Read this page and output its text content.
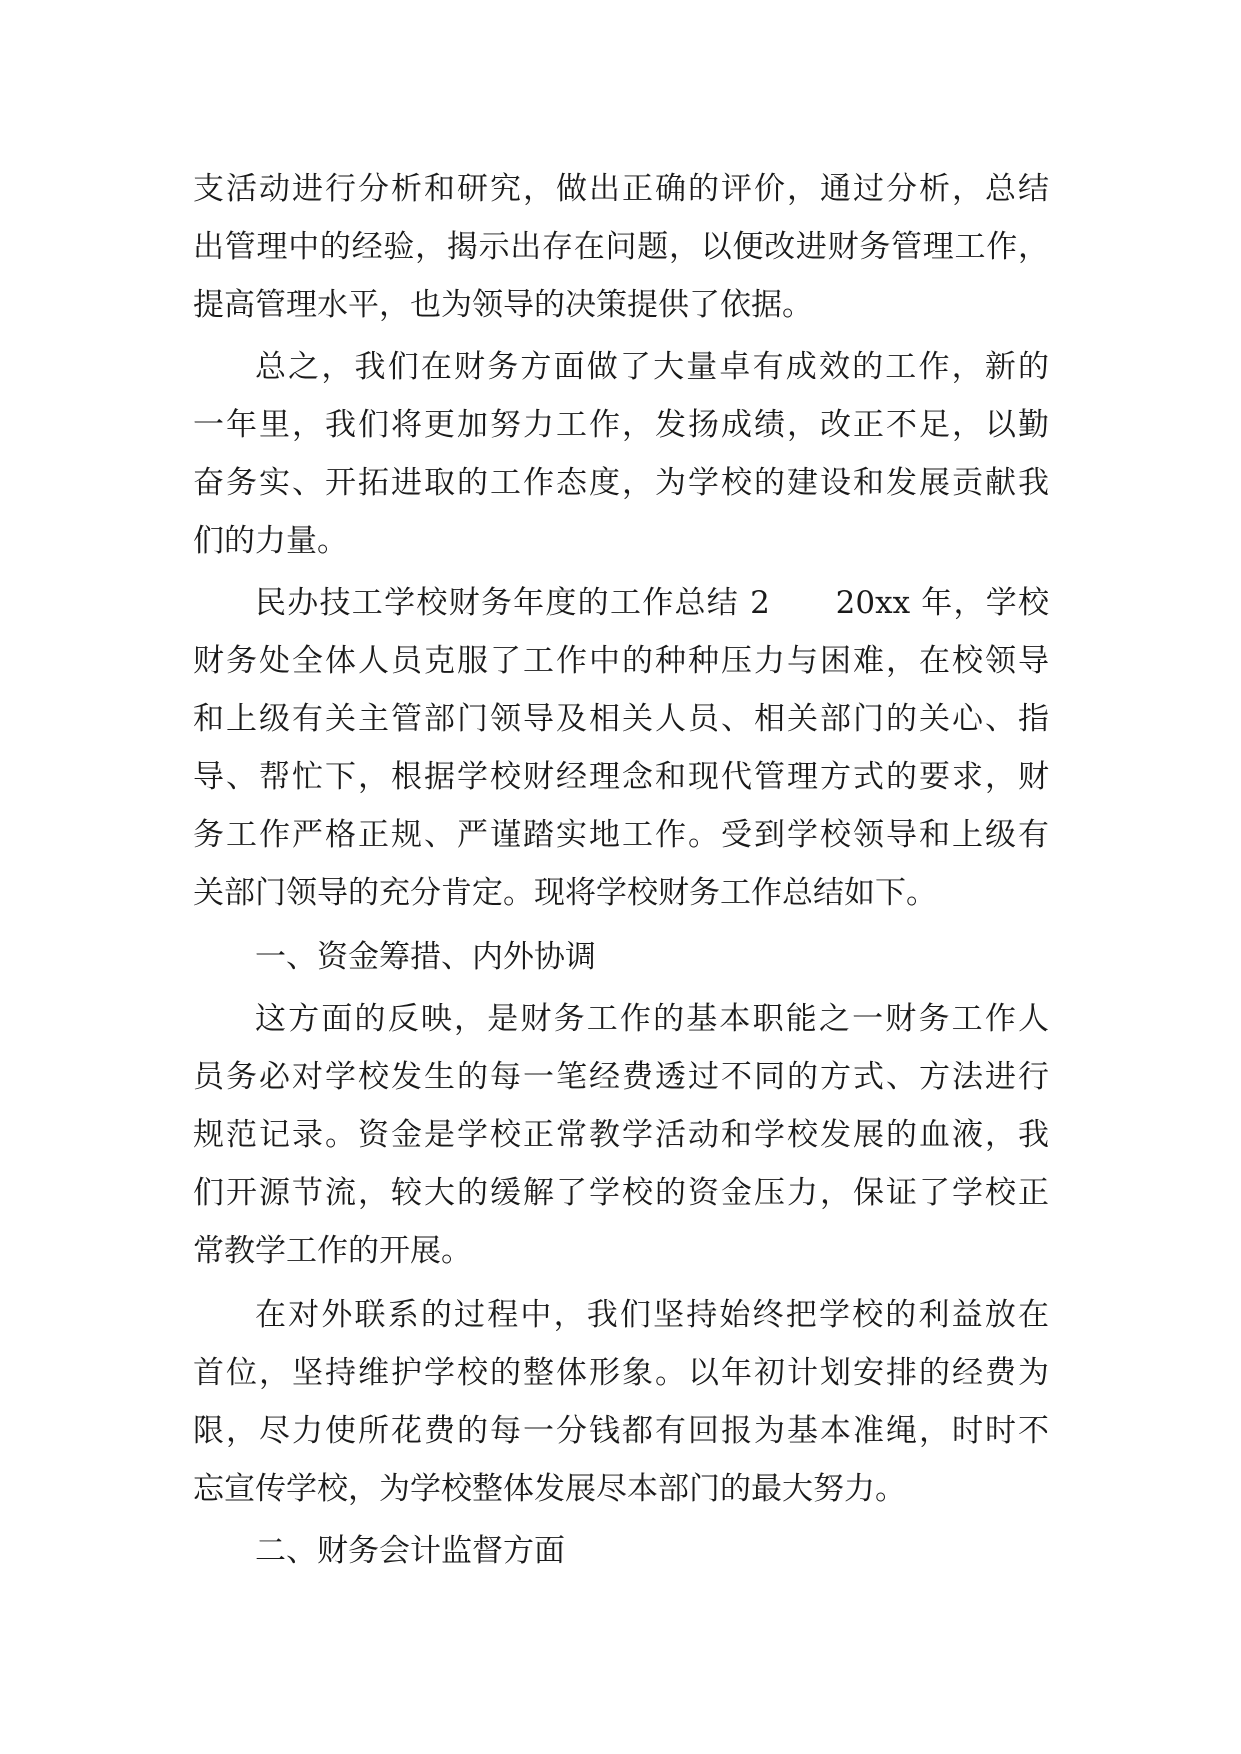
支活动进行分析和研究，做出正确的评价，通过分析，总结
出管理中的经验，揭示出存在问题，以便改进财务管理工作，
提高管理水平，也为领导的决策提供了依据。
总之，我们在财务方面做了大量卓有成效的工作，新的
一年里，我们将更加努力工作，发扬成绩，改正不足，以勤
奋务实、开拓进取的工作态度，为学校的建设和发展贡献我
们的力量。
民办技工学校财务年度的工作总结 2　　20xx 年，学校
财务处全体人员克服了工作中的种种压力与困难，在校领导
和上级有关主管部门领导及相关人员、相关部门的关心、指
导、帮忙下，根据学校财经理念和现代管理方式的要求，财
务工作严格正规、严谨踏实地工作。受到学校领导和上级有
关部门领导的充分肯定。现将学校财务工作总结如下。
一、资金筹措、内外协调
这方面的反映，是财务工作的基本职能之一财务工作人
员务必对学校发生的每一笔经费透过不同的方式、方法进行
规范记录。资金是学校正常教学活动和学校发展的血液，我
们开源节流，较大的缓解了学校的资金压力，保证了学校正
常教学工作的开展。
在对外联系的过程中，我们坚持始终把学校的利益放在
首位，坚持维护学校的整体形象。以年初计划安排的经费为
限，尽力使所花费的每一分钱都有回报为基本准绳，时时不
忘宣传学校，为学校整体发展尽本部门的最大努力。
二、财务会计监督方面
